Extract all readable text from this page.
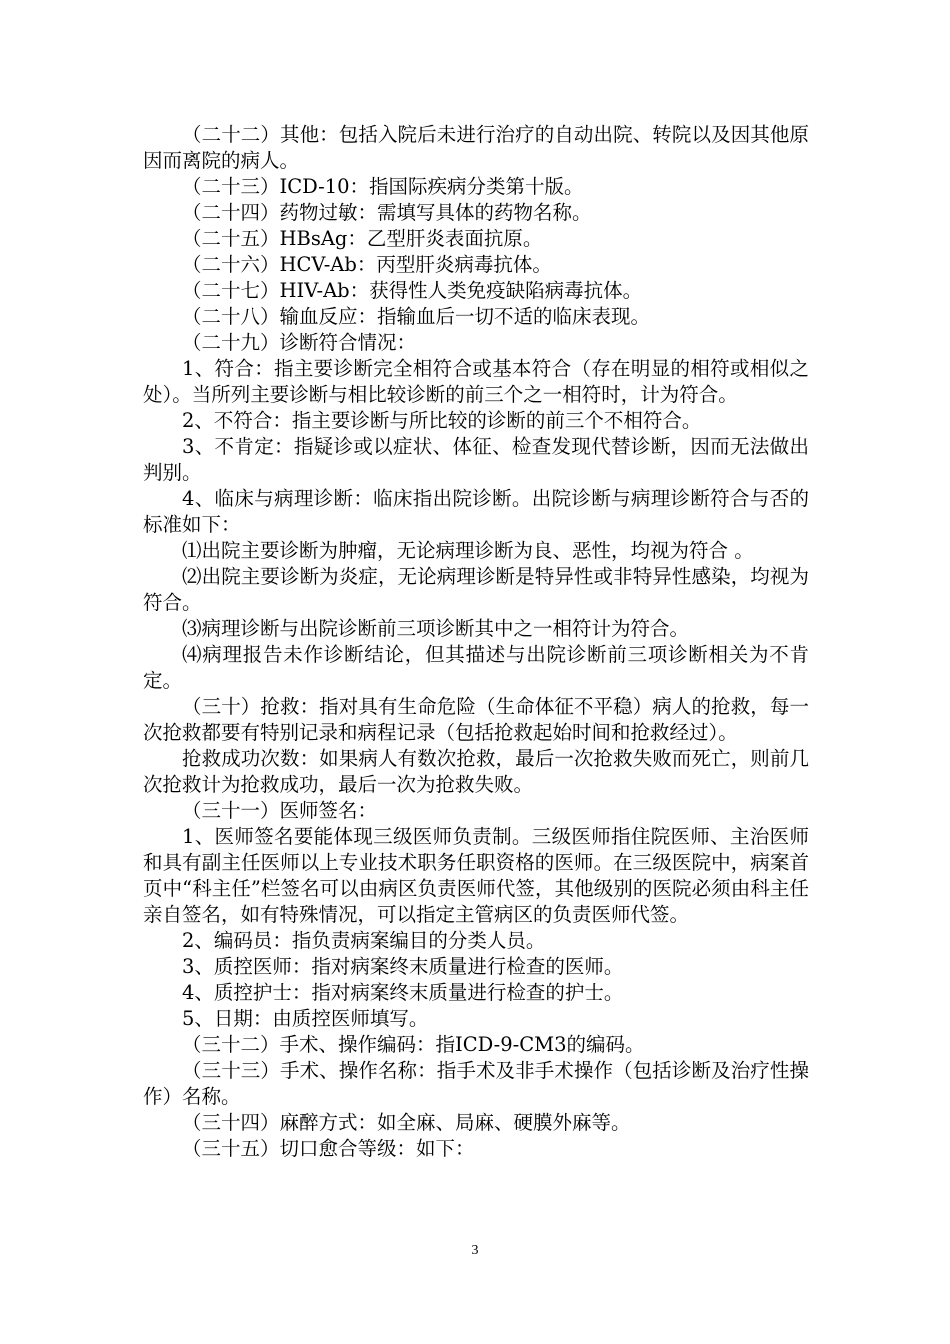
（二十二）其他：包括入院后未进行治疗的自动出院、转院以及因其他原因而离院的病人。

（二十三）ICD-10：指国际疾病分类第十版。

（二十四）药物过敏：需填写具体的药物名称。

（二十五）HBsAg：乙型肝炎表面抗原。

（二十六）HCV-Ab：丙型肝炎病毒抗体。

（二十七）HIV-Ab：获得性人类免疫缺陷病毒抗体。

（二十八）输血反应：指输血后一切不适的临床表现。

（二十九）诊断符合情况：

1、符合：指主要诊断完全相符合或基本符合（存在明显的相符或相似之处）。当所列主要诊断与相比较诊断的前三个之一相符时，计为符合。

2、不符合：指主要诊断与所比较的诊断的前三个不相符合。

3、不肯定：指疑诊或以症状、体征、检查发现代替诊断，因而无法做出判别。

4、临床与病理诊断：临床指出院诊断。出院诊断与病理诊断符合与否的标准如下：

⑴出院主要诊断为肿瘤，无论病理诊断为良、恶性，均视为符合 。

⑵出院主要诊断为炎症，无论病理诊断是特异性或非特异性感染，均视为符合。

⑶病理诊断与出院诊断前三项诊断其中之一相符计为符合。

⑷病理报告未作诊断结论，但其描述与出院诊断前三项诊断相关为不肯定。

（三十）抢救：指对具有生命危险（生命体征不平稳）病人的抢救，每一次抢救都要有特别记录和病程记录（包括抢救起始时间和抢救经过）。

抢救成功次数：如果病人有数次抢救，最后一次抢救失败而死亡，则前几次抢救计为抢救成功，最后一次为抢救失败。

（三十一）医师签名：

1、医师签名要能体现三级医师负责制。三级医师指住院医师、主治医师和具有副主任医师以上专业技术职务任职资格的医师。在三级医院中，病案首页中“科主任”栏签名可以由病区负责医师代签，其他级别的医院必须由科主任亲自签名，如有特殊情况，可以指定主管病区的负责医师代签。

2、编码员：指负责病案编目的分类人员。

3、质控医师：指对病案终末质量进行检查的医师。

4、质控护士：指对病案终末质量进行检查的护士。

5、日期：由质控医师填写。

（三十二）手术、操作编码：指ICD-9-CM3的编码。

（三十三）手术、操作名称：指手术及非手术操作（包括诊断及治疗性操作）名称。

（三十四）麻醉方式：如全麻、局麻、硬膜外麻等。

（三十五）切口愈合等级：如下：

3
